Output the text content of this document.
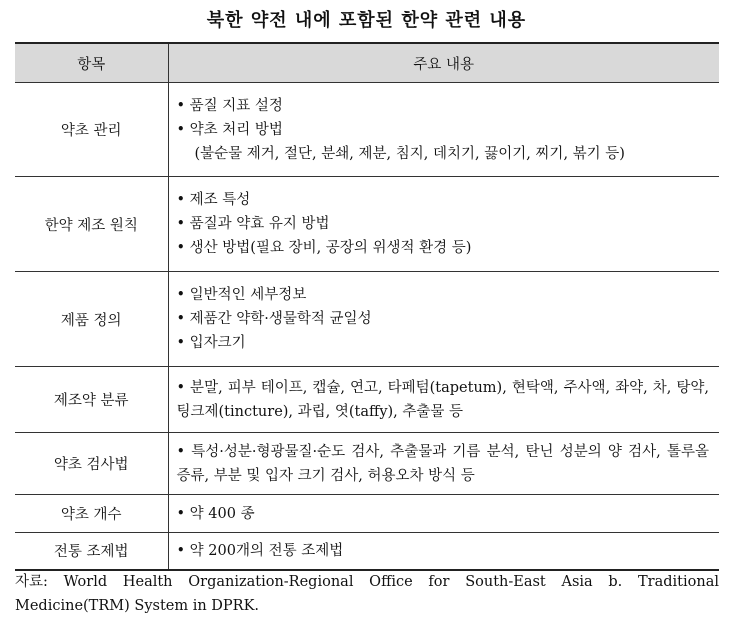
북한 약전 내에 포함된 한약 관련 내용
항목	주요 내용
약초 관리	• 품질 지표 설정
• 약초 처리 방법
(불순물 제거, 절단, 분쇄, 제분, 침지, 데치기, 끓이기, 찌기, 볶기 등)

한약 제조 원칙	• 제조 특성
• 품질과 약효 유지 방법
• 생산 방법(필요 장비, 공장의 위생적 환경 등)

제품 정의	• 일반적인 세부정보
• 제품간 약학·생물학적 균일성
• 입자크기

제조약 분류	• 분말, 피부 테이프, 캡슐, 연고, 타페텀(tapetum), 현탁액, 주사액, 좌약, 차, 탕약, 팅크제(tincture), 과립, 엿(taffy), 추출물 등

약초 검사법	• 특성·성분·형광물질·순도 검사, 추출물과 기름 분석, 탄닌 성분의 양 검사, 톨루올 증류, 부분 및 입자 크기 검사, 허용오차 방식 등

약초 개수	• 약 400 종

전통 조제법	• 약 200개의 전통 조제법
자료: World Health Organization-Regional Office for South-East Asia b. Traditional
Medicine(TRM) System in DPRK.
